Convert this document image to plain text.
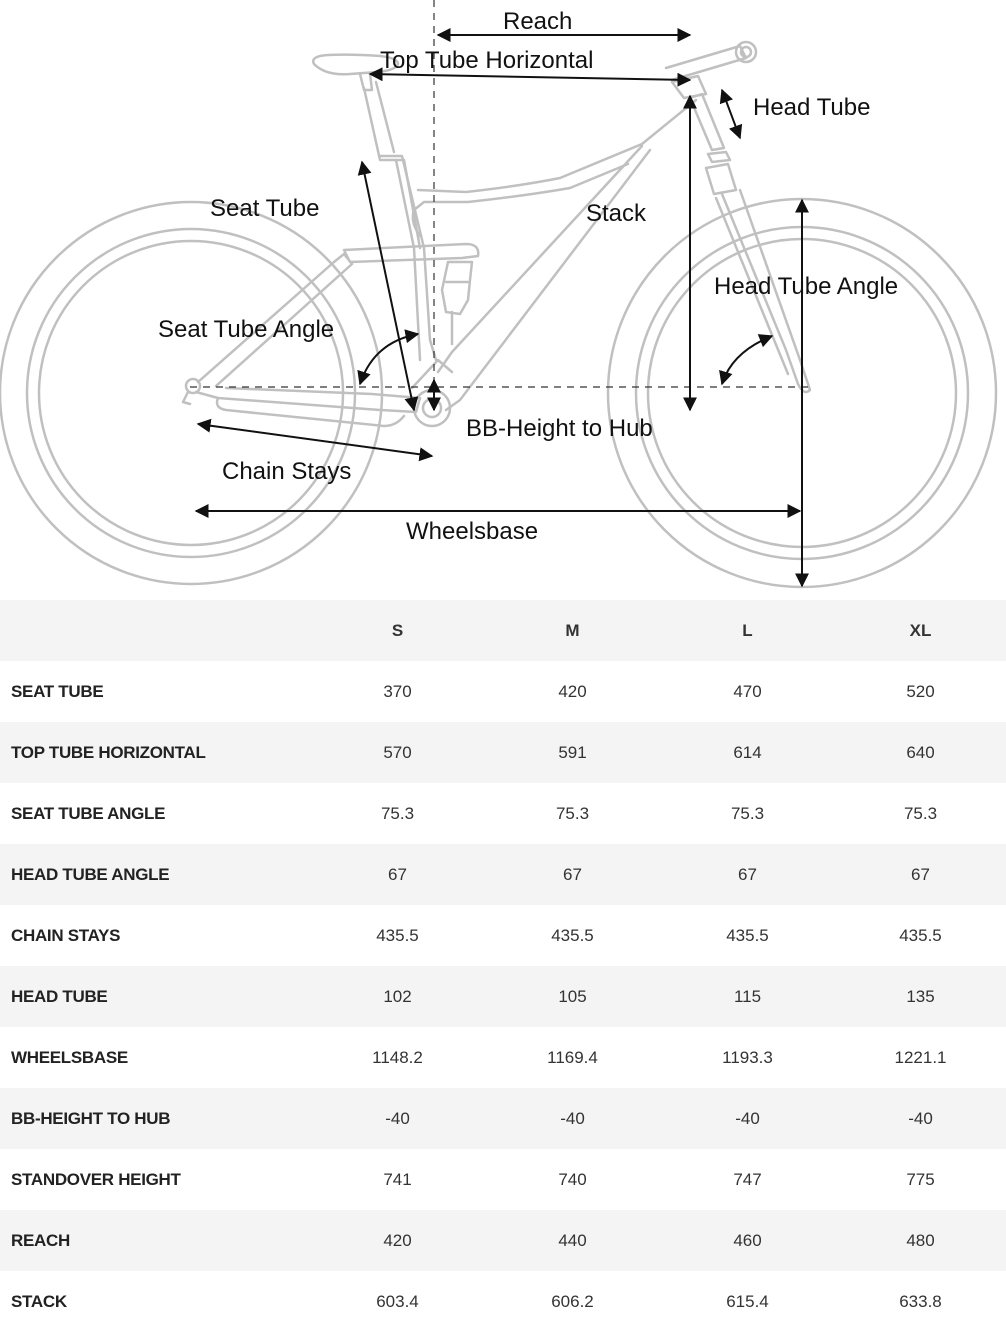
Reach
Top Tube Horizontal
Head Tube
Seat Tube	Stack
Head Tube Angle
Seat Tube Angle
BB-Height to Hub
Chain Stays
Wheelsbase
	S	M	L	XL
SEAT TUBE	370	420	470	520
TOP TUBE HORIZONTAL	570	591	614	640
SEAT TUBE ANGLE	75.3	75.3	75.3	75.3
HEAD TUBE ANGLE	67	67	67	67
CHAIN STAYS	435.5	435.5	435.5	435.5
HEAD TUBE	102	105	115	135
WHEELSBASE	1148.2	1169.4	1193.3	1221.1
BB-HEIGHT TO HUB	-40	-40	-40	-40
STANDOVER HEIGHT	741	740	747	775
REACH	420	440	460	480
STACK	603.4	606.2	615.4	633.8
